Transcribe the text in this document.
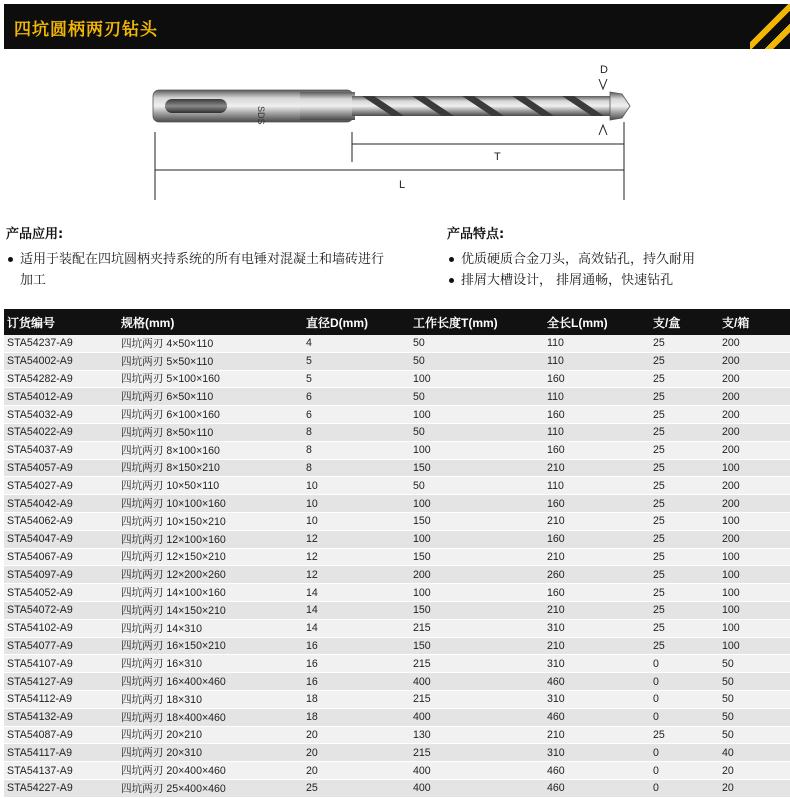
四坑圆柄两刃钻头
SDS
D
T
L
产品应用:
适用于装配在四坑圆柄夹持系统的所有电锤对混凝土和墙砖进行加工
产品特点:
优质硬质合金刀头，高效钻孔，持久耐用
排屑大槽设计， 排屑通畅，快速钻孔
订货编号	规格(mm)	直径D(mm)	工作长度T(mm)	全长L(mm)	支/盒	支/箱
STA54237-A9	四坑两刃 4×50×110	4	50	110	25	200
STA54002-A9	四坑两刃 5×50×110	5	50	110	25	200
STA54282-A9	四坑两刃 5×100×160	5	100	160	25	200
STA54012-A9	四坑两刃 6×50×110	6	50	110	25	200
STA54032-A9	四坑两刃 6×100×160	6	100	160	25	200
STA54022-A9	四坑两刃 8×50×110	8	50	110	25	200
STA54037-A9	四坑两刃 8×100×160	8	100	160	25	200
STA54057-A9	四坑两刃 8×150×210	8	150	210	25	100
STA54027-A9	四坑两刃 10×50×110	10	50	110	25	200
STA54042-A9	四坑两刃 10×100×160	10	100	160	25	200
STA54062-A9	四坑两刃 10×150×210	10	150	210	25	100
STA54047-A9	四坑两刃 12×100×160	12	100	160	25	200
STA54067-A9	四坑两刃 12×150×210	12	150	210	25	100
STA54097-A9	四坑两刃 12×200×260	12	200	260	25	100
STA54052-A9	四坑两刃 14×100×160	14	100	160	25	100
STA54072-A9	四坑两刃 14×150×210	14	150	210	25	100
STA54102-A9	四坑两刃 14×310	14	215	310	25	100
STA54077-A9	四坑两刃 16×150×210	16	150	210	25	100
STA54107-A9	四坑两刃 16×310	16	215	310	0	50
STA54127-A9	四坑两刃 16×400×460	16	400	460	0	50
STA54112-A9	四坑两刃 18×310	18	215	310	0	50
STA54132-A9	四坑两刃 18×400×460	18	400	460	0	50
STA54087-A9	四坑两刃 20×210	20	130	210	25	50
STA54117-A9	四坑两刃 20×310	20	215	310	0	40
STA54137-A9	四坑两刃 20×400×460	20	400	460	0	20
STA54227-A9	四坑两刃 25×400×460	25	400	460	0	20
